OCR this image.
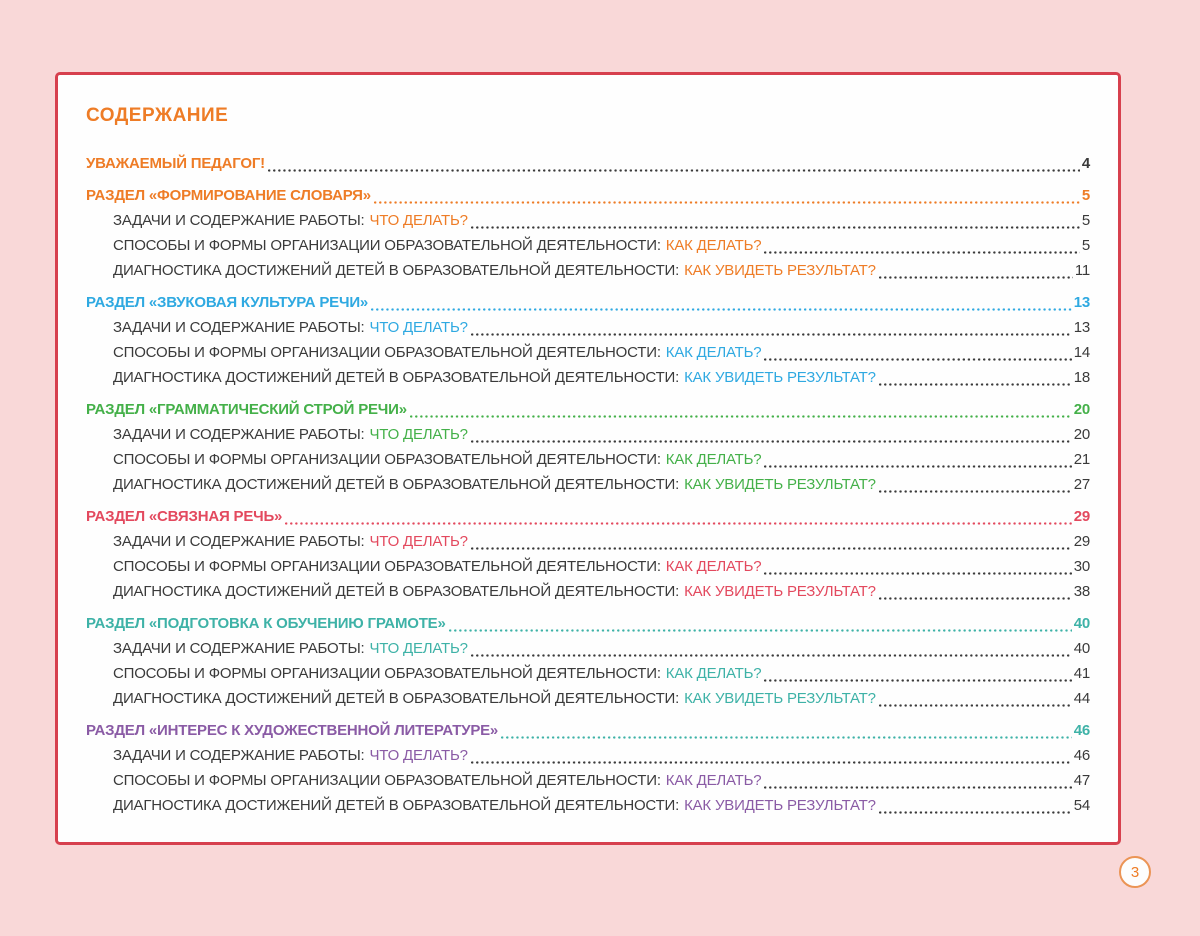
СОДЕРЖАНИЕ
УВАЖАЕМЫЙ ПЕДАГОГ!	4
РАЗДЕЛ «ФОРМИРОВАНИЕ СЛОВАРЯ»	5
ЗАДАЧИ И СОДЕРЖАНИЕ РАБОТЫ: ЧТО ДЕЛАТЬ?	5
СПОСОБЫ И ФОРМЫ ОРГАНИЗАЦИИ ОБРАЗОВАТЕЛЬНОЙ ДЕЯТЕЛЬНОСТИ: КАК ДЕЛАТЬ?	5
ДИАГНОСТИКА ДОСТИЖЕНИЙ ДЕТЕЙ В ОБРАЗОВАТЕЛЬНОЙ ДЕЯТЕЛЬНОСТИ: КАК УВИДЕТЬ РЕЗУЛЬТАТ?	11
РАЗДЕЛ «ЗВУКОВАЯ КУЛЬТУРА РЕЧИ»	13
ЗАДАЧИ И СОДЕРЖАНИЕ РАБОТЫ: ЧТО ДЕЛАТЬ?	13
СПОСОБЫ И ФОРМЫ ОРГАНИЗАЦИИ ОБРАЗОВАТЕЛЬНОЙ ДЕЯТЕЛЬНОСТИ: КАК ДЕЛАТЬ?	14
ДИАГНОСТИКА ДОСТИЖЕНИЙ ДЕТЕЙ В ОБРАЗОВАТЕЛЬНОЙ ДЕЯТЕЛЬНОСТИ: КАК УВИДЕТЬ РЕЗУЛЬТАТ?	18
РАЗДЕЛ «ГРАММАТИЧЕСКИЙ СТРОЙ РЕЧИ»	20
ЗАДАЧИ И СОДЕРЖАНИЕ РАБОТЫ: ЧТО ДЕЛАТЬ?	20
СПОСОБЫ И ФОРМЫ ОРГАНИЗАЦИИ ОБРАЗОВАТЕЛЬНОЙ ДЕЯТЕЛЬНОСТИ: КАК ДЕЛАТЬ?	21
ДИАГНОСТИКА ДОСТИЖЕНИЙ ДЕТЕЙ В ОБРАЗОВАТЕЛЬНОЙ ДЕЯТЕЛЬНОСТИ: КАК УВИДЕТЬ РЕЗУЛЬТАТ?	27
РАЗДЕЛ «СВЯЗНАЯ РЕЧЬ»	29
ЗАДАЧИ И СОДЕРЖАНИЕ РАБОТЫ: ЧТО ДЕЛАТЬ?	29
СПОСОБЫ И ФОРМЫ ОРГАНИЗАЦИИ ОБРАЗОВАТЕЛЬНОЙ ДЕЯТЕЛЬНОСТИ: КАК ДЕЛАТЬ?	30
ДИАГНОСТИКА ДОСТИЖЕНИЙ ДЕТЕЙ В ОБРАЗОВАТЕЛЬНОЙ ДЕЯТЕЛЬНОСТИ: КАК УВИДЕТЬ РЕЗУЛЬТАТ?	38
РАЗДЕЛ «ПОДГОТОВКА К ОБУЧЕНИЮ ГРАМОТЕ»	40
ЗАДАЧИ И СОДЕРЖАНИЕ РАБОТЫ: ЧТО ДЕЛАТЬ?	40
СПОСОБЫ И ФОРМЫ ОРГАНИЗАЦИИ ОБРАЗОВАТЕЛЬНОЙ ДЕЯТЕЛЬНОСТИ: КАК ДЕЛАТЬ?	41
ДИАГНОСТИКА ДОСТИЖЕНИЙ ДЕТЕЙ В ОБРАЗОВАТЕЛЬНОЙ ДЕЯТЕЛЬНОСТИ: КАК УВИДЕТЬ РЕЗУЛЬТАТ?	44
РАЗДЕЛ «ИНТЕРЕС К ХУДОЖЕСТВЕННОЙ ЛИТЕРАТУРЕ»	46
ЗАДАЧИ И СОДЕРЖАНИЕ РАБОТЫ: ЧТО ДЕЛАТЬ?	46
СПОСОБЫ И ФОРМЫ ОРГАНИЗАЦИИ ОБРАЗОВАТЕЛЬНОЙ ДЕЯТЕЛЬНОСТИ: КАК ДЕЛАТЬ?	47
ДИАГНОСТИКА ДОСТИЖЕНИЙ ДЕТЕЙ В ОБРАЗОВАТЕЛЬНОЙ ДЕЯТЕЛЬНОСТИ: КАК УВИДЕТЬ РЕЗУЛЬТАТ?	54
3
